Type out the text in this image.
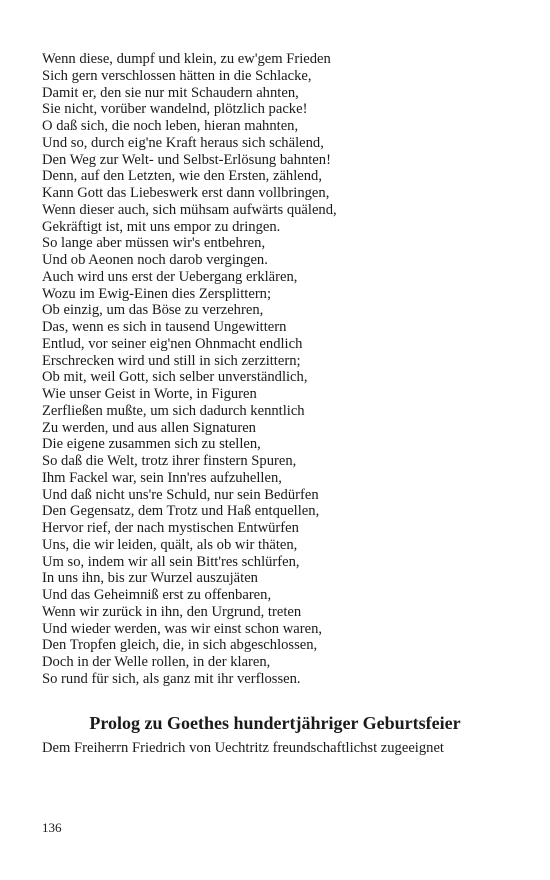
Wenn diese, dumpf und klein, zu ew'gem Frieden
Sich gern verschlossen hätten in die Schlacke,
Damit er, den sie nur mit Schaudern ahnten,
Sie nicht, vorüber wandelnd, plötzlich packe!
O daß sich, die noch leben, hieran mahnten,
Und so, durch eig'ne Kraft heraus sich schälend,
Den Weg zur Welt- und Selbst-Erlösung bahnten!
Denn, auf den Letzten, wie den Ersten, zählend,
Kann Gott das Liebeswerk erst dann vollbringen,
Wenn dieser auch, sich mühsam aufwärts quälend,
Gekräftigt ist, mit uns empor zu dringen.
So lange aber müssen wir's entbehren,
Und ob Aeonen noch darob vergingen.
Auch wird uns erst der Uebergang erklären,
Wozu im Ewig-Einen dies Zersplittern;
Ob einzig, um das Böse zu verzehren,
Das, wenn es sich in tausend Ungewittern
Entlud, vor seiner eig'nen Ohnmacht endlich
Erschrecken wird und still in sich zerzittern;
Ob mit, weil Gott, sich selber unverständlich,
Wie unser Geist in Worte, in Figuren
Zerfließen mußte, um sich dadurch kenntlich
Zu werden, und aus allen Signaturen
Die eigene zusammen sich zu stellen,
So daß die Welt, trotz ihrer finstern Spuren,
Ihm Fackel war, sein Inn'res aufzuhellen,
Und daß nicht uns're Schuld, nur sein Bedürfen
Den Gegensatz, dem Trotz und Haß entquellen,
Hervor rief, der nach mystischen Entwürfen
Uns, die wir leiden, quält, als ob wir thäten,
Um so, indem wir all sein Bitt'res schlürfen,
In uns ihn, bis zur Wurzel auszujäten
Und das Geheimniß erst zu offenbaren,
Wenn wir zurück in ihn, den Urgrund, treten
Und wieder werden, was wir einst schon waren,
Den Tropfen gleich, die, in sich abgeschlossen,
Doch in der Welle rollen, in der klaren,
So rund für sich, als ganz mit ihr verflossen.
Prolog zu Goethes hundertjähriger Geburtsfeier

Dem Freiherrn Friedrich von Uechtritz freundschaftlichst zugeeignet

136
